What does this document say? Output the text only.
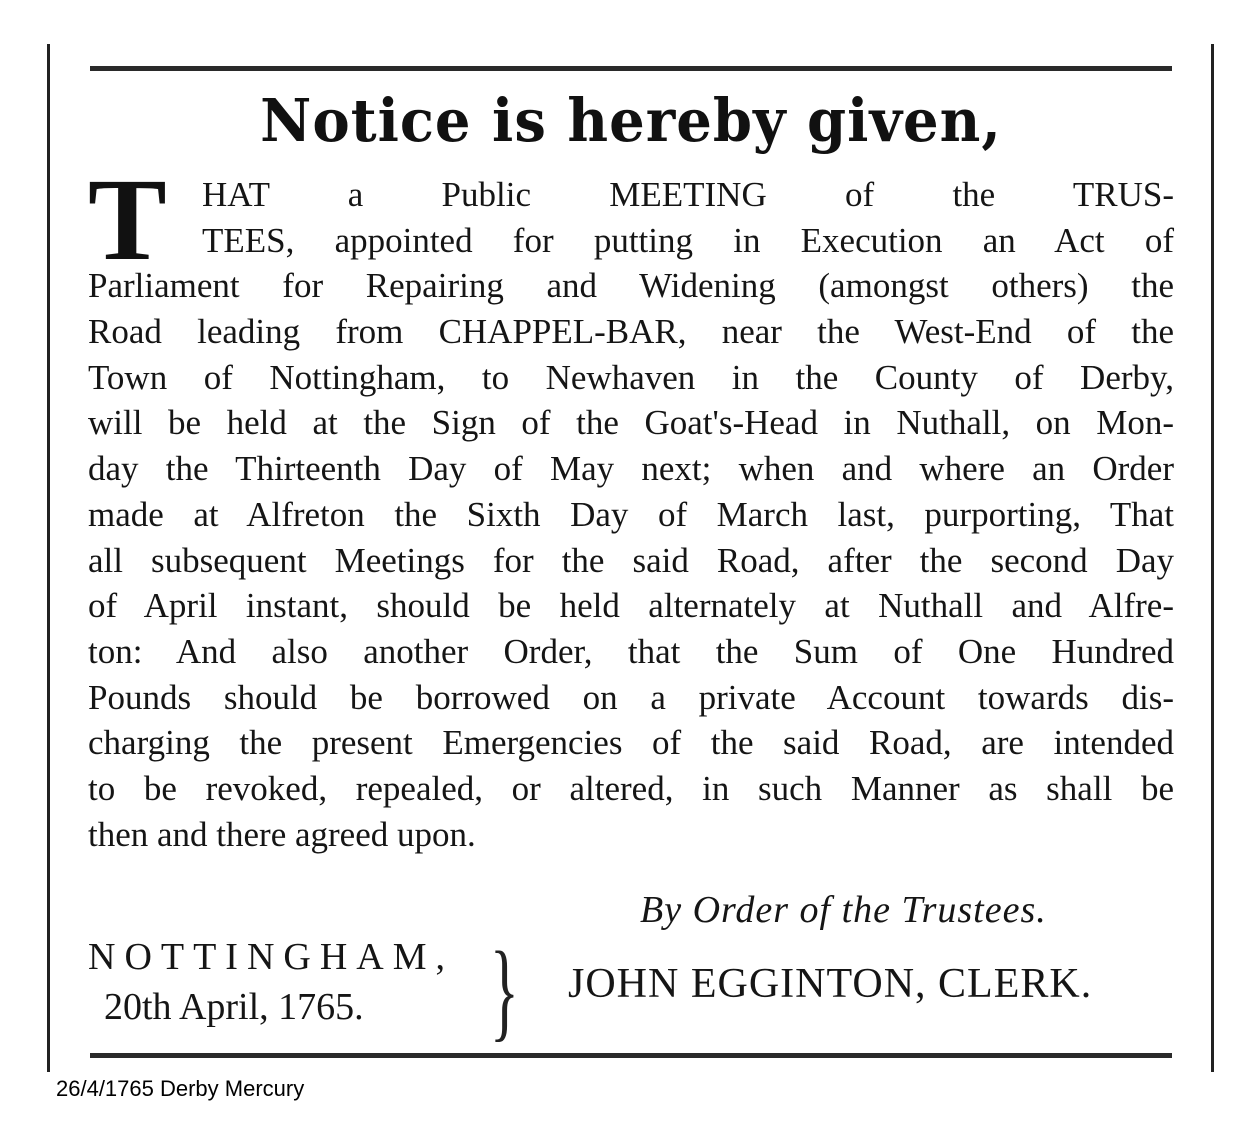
Notice is hereby given,
T	HAT a Public MEETING of the TRUS-
TEES, appointed for putting in Execution an Act of
Parliament for Repairing and Widening (amongst others) the
Road leading from CHAPPEL-BAR, near the West-End of the
Town of Nottingham, to Newhaven in the County of Derby,
will be held at the Sign of the Goat's-Head in Nuthall, on Mon-
day the Thirteenth Day of May next; when and where an Order
made at Alfreton the Sixth Day of March last, purporting, That
all subsequent Meetings for the said Road, after the second Day
of April instant, should be held alternately at Nuthall and Alfre-
ton: And also another Order, that the Sum of One Hundred
Pounds should be borrowed on a private Account towards dis-
charging the present Emergencies of the said Road, are intended
to be revoked, repealed, or altered, in such Manner as shall be
then and there agreed upon.
By Order of the Trustees.
NOTTINGHAM,
20th April, 1765.	} JOHN EGGINTON, CLERK.
26/4/1765 Derby Mercury
